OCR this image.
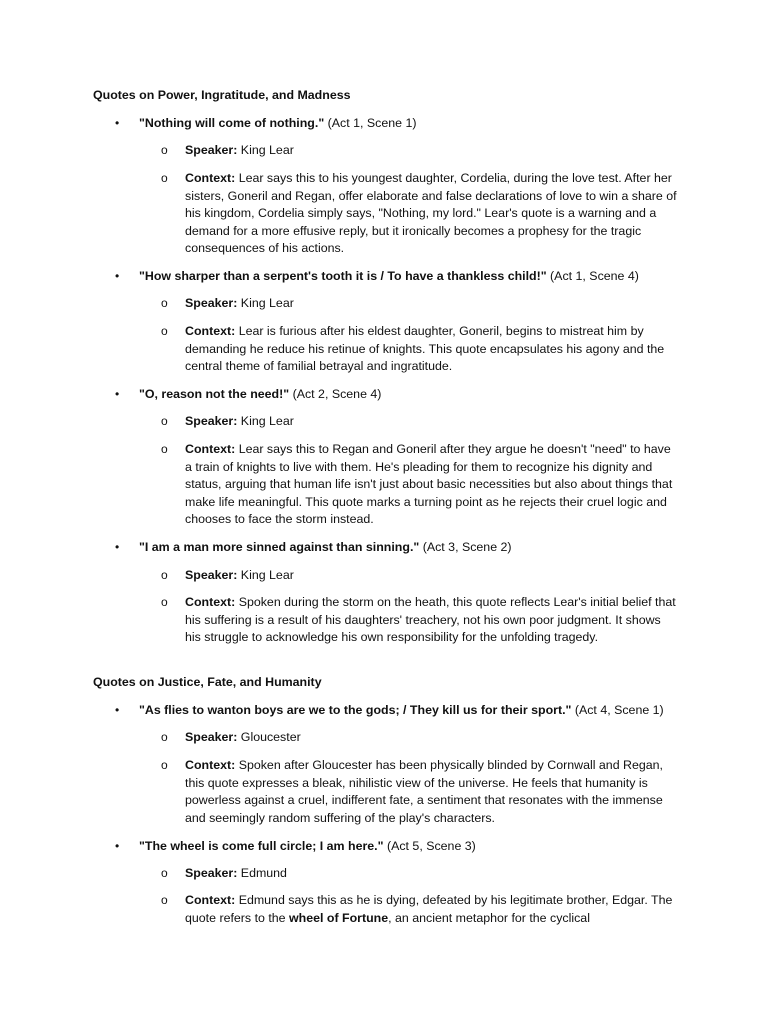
Quotes on Power, Ingratitude, and Madness
• "Nothing will come of nothing." (Act 1, Scene 1)
o Speaker: King Lear
o Context: Lear says this to his youngest daughter, Cordelia, during the love test. After her sisters, Goneril and Regan, offer elaborate and false declarations of love to win a share of his kingdom, Cordelia simply says, "Nothing, my lord." Lear's quote is a warning and a demand for a more effusive reply, but it ironically becomes a prophesy for the tragic consequences of his actions.
• "How sharper than a serpent's tooth it is / To have a thankless child!" (Act 1, Scene 4)
o Speaker: King Lear
o Context: Lear is furious after his eldest daughter, Goneril, begins to mistreat him by demanding he reduce his retinue of knights. This quote encapsulates his agony and the central theme of familial betrayal and ingratitude.
• "O, reason not the need!" (Act 2, Scene 4)
o Speaker: King Lear
o Context: Lear says this to Regan and Goneril after they argue he doesn't "need" to have a train of knights to live with them. He's pleading for them to recognize his dignity and status, arguing that human life isn't just about basic necessities but also about things that make life meaningful. This quote marks a turning point as he rejects their cruel logic and chooses to face the storm instead.
• "I am a man more sinned against than sinning." (Act 3, Scene 2)
o Speaker: King Lear
o Context: Spoken during the storm on the heath, this quote reflects Lear's initial belief that his suffering is a result of his daughters' treachery, not his own poor judgment. It shows his struggle to acknowledge his own responsibility for the unfolding tragedy.
Quotes on Justice, Fate, and Humanity
• "As flies to wanton boys are we to the gods; / They kill us for their sport." (Act 4, Scene 1)
o Speaker: Gloucester
o Context: Spoken after Gloucester has been physically blinded by Cornwall and Regan, this quote expresses a bleak, nihilistic view of the universe. He feels that humanity is powerless against a cruel, indifferent fate, a sentiment that resonates with the immense and seemingly random suffering of the play's characters.
• "The wheel is come full circle; I am here." (Act 5, Scene 3)
o Speaker: Edmund
o Context: Edmund says this as he is dying, defeated by his legitimate brother, Edgar. The quote refers to the wheel of Fortune, an ancient metaphor for the cyclical
